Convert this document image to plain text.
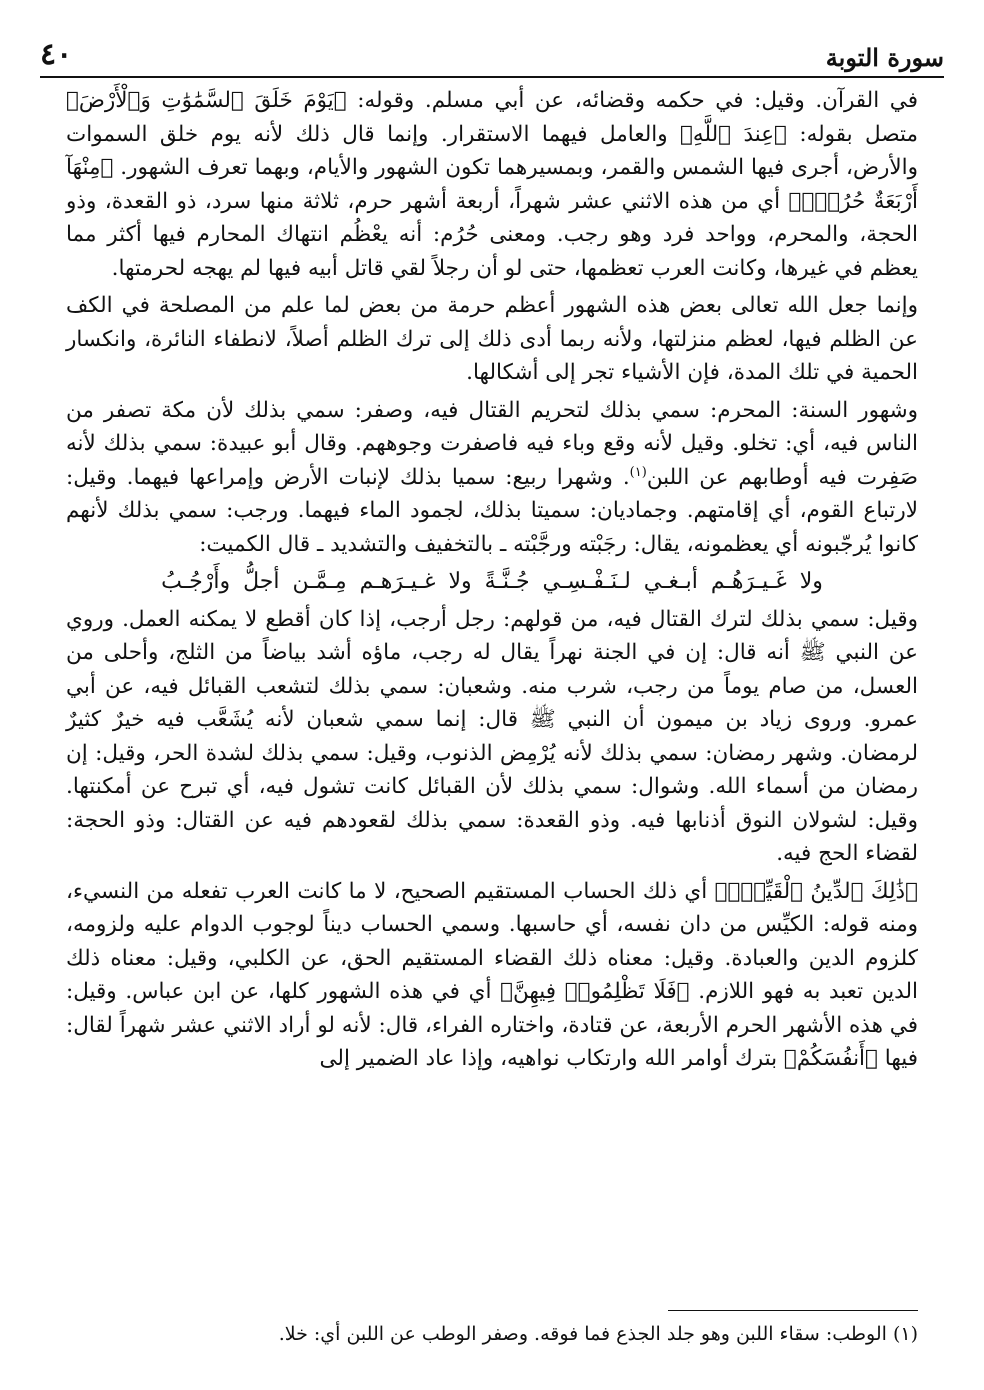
٤٠	سورة التوبة

في القرآن. وقيل: في حكمه وقضائه، عن أبي مسلم. وقوله: ﴿يَوْمَ خَلَقَ ٱلسَّمَٰوَٰتِ وَٱلْأَرْضَ﴾ متصل بقوله: ﴿عِندَ ٱللَّهِ﴾ والعامل فيهما الاستقرار. وإنما قال ذلك لأنه يوم خلق السموات والأرض، أجرى فيها الشمس والقمر، وبمسيرهما تكون الشهور والأيام، وبهما تعرف الشهور. ﴿مِنْهَآ أَرْبَعَةٌ حُرُمٌۚ﴾ أي من هذه الاثني عشر شهراً، أربعة أشهر حرم، ثلاثة منها سرد، ذو القعدة، وذو الحجة، والمحرم، وواحد فرد وهو رجب. ومعنى حُرُم: أنه يعْظُم انتهاك المحارم فيها أكثر مما يعظم في غيرها، وكانت العرب تعظمها، حتى لو أن رجلاً لقي قاتل أبيه فيها لم يهجه لحرمتها.

وإنما جعل الله تعالى بعض هذه الشهور أعظم حرمة من بعض لما علم من المصلحة في الكف عن الظلم فيها، لعظم منزلتها، ولأنه ربما أدى ذلك إلى ترك الظلم أصلاً، لانطفاء النائرة، وانكسار الحمية في تلك المدة، فإن الأشياء تجر إلى أشكالها.

وشهور السنة: المحرم: سمي بذلك لتحريم القتال فيه، وصفر: سمي بذلك لأن مكة تصفر من الناس فيه، أي: تخلو. وقيل لأنه وقع وباء فيه فاصفرت وجوههم. وقال أبو عبيدة: سمي بذلك لأنه صَفِرت فيه أوطابهم عن اللبن$^{(١)}$. وشهرا ربيع: سميا بذلك لإنبات الأرض وإمراعها فيهما. وقيل: لارتباع القوم، أي إقامتهم. وجماديان: سميتا بذلك، لجمود الماء فيهما. ورجب: سمي بذلك لأنهم كانوا يُرجّبونه أي يعظمونه، يقال: رجَبْته ورجَّبْته ـ بالتخفيف والتشديد ـ قال الكميت:

ولا غَـيـرَهُـم أبـغـي لـنَـفْـسِـي جُـنَّـةً ولا غـيـرَهـم مِـمَّـن أجلُّ وأَرْجُـبُ

وقيل: سمي بذلك لترك القتال فيه، من قولهم: رجل أرجب، إذا كان أقطع لا يمكنه العمل. وروي عن النبي ﷺ أنه قال: إن في الجنة نهراً يقال له رجب، ماؤه أشد بياضاً من الثلج، وأحلى من العسل، من صام يوماً من رجب، شرب منه. وشعبان: سمي بذلك لتشعب القبائل فيه، عن أبي عمرو. وروى زياد بن ميمون أن النبي ﷺ قال: إنما سمي شعبان لأنه يُشَعَّب فيه خيرٌ كثيرٌ لرمضان. وشهر رمضان: سمي بذلك لأنه يُرْمِض الذنوب، وقيل: سمي بذلك لشدة الحر، وقيل: إن رمضان من أسماء الله. وشوال: سمي بذلك لأن القبائل كانت تشول فيه، أي تبرح عن أمكنتها. وقيل: لشولان النوق أذنابها فيه. وذو القعدة: سمي بذلك لقعودهم فيه عن القتال: وذو الحجة: لقضاء الحج فيه.

﴿ذَٰلِكَ ٱلدِّينُ ٱلْقَيِّمُۚ﴾ أي ذلك الحساب المستقيم الصحيح، لا ما كانت العرب تفعله من النسيء، ومنه قوله: الكيِّس من دان نفسه، أي حاسبها. وسمي الحساب ديناً لوجوب الدوام عليه ولزومه، كلزوم الدين والعبادة. وقيل: معناه ذلك القضاء المستقيم الحق، عن الكلبي، وقيل: معناه ذلك الدين تعبد به فهو اللازم. ﴿فَلَا تَظْلِمُوا۟ فِيهِنَّ﴾ أي في هذه الشهور كلها، عن ابن عباس. وقيل: في هذه الأشهر الحرم الأربعة، عن قتادة، واختاره الفراء، قال: لأنه لو أراد الاثني عشر شهراً لقال: فيها ﴿أَنفُسَكُمْ﴾ بترك أوامر الله وارتكاب نواهيه، وإذا عاد الضمير إلى

(١) الوطب: سقاء اللبن وهو جلد الجذع فما فوقه. وصفر الوطب عن اللبن أي: خلا.
